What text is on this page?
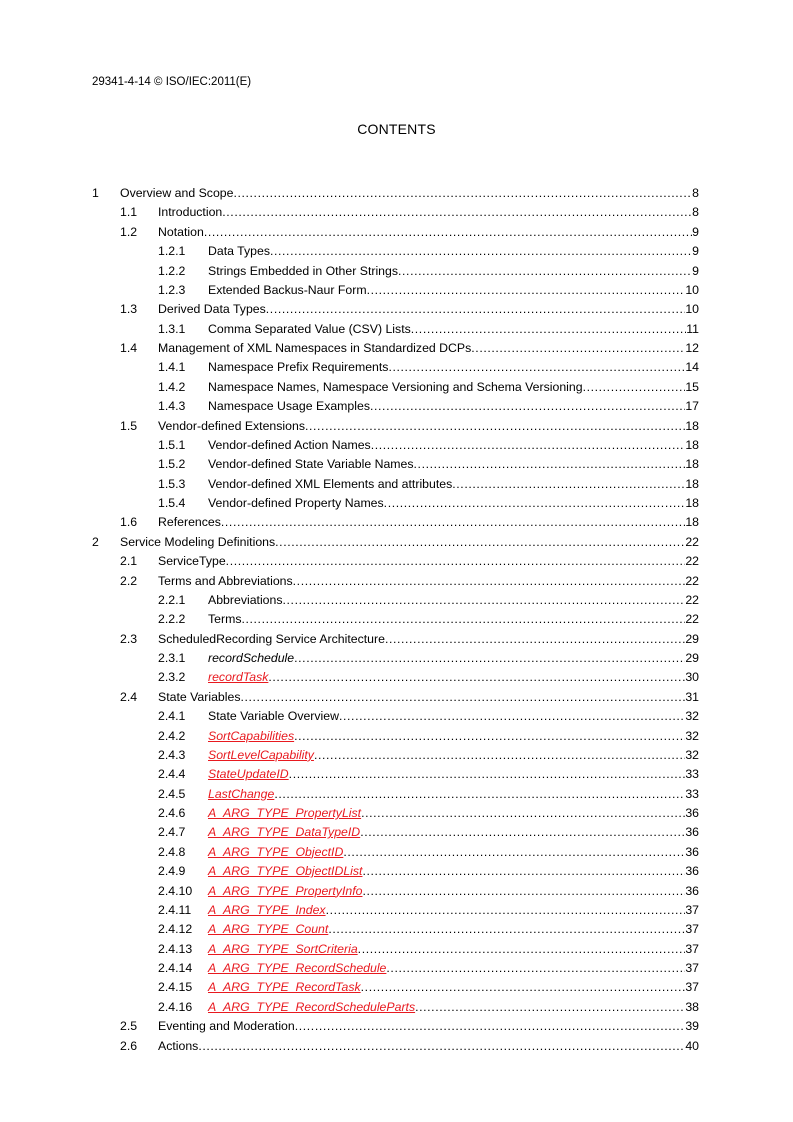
29341-4-14 © ISO/IEC:2011(E)
CONTENTS
1	Overview and Scope .....	8
1.1	Introduction .....	8
1.2	Notation .....	9
1.2.1	Data Types .....	9
1.2.2	Strings Embedded in Other Strings .....	9
1.2.3	Extended Backus-Naur Form .....	10
1.3	Derived Data Types .....	10
1.3.1	Comma Separated Value (CSV) Lists .....	11
1.4	Management of XML Namespaces in Standardized DCPs .....	12
1.4.1	Namespace Prefix Requirements .....	14
1.4.2	Namespace Names, Namespace Versioning and Schema Versioning .....	15
1.4.3	Namespace Usage Examples .....	17
1.5	Vendor-defined Extensions .....	18
1.5.1	Vendor-defined Action Names .....	18
1.5.2	Vendor-defined State Variable Names .....	18
1.5.3	Vendor-defined XML Elements and attributes .....	18
1.5.4	Vendor-defined Property Names .....	18
1.6	References .....	18
2	Service Modeling Definitions .....	22
2.1	ServiceType .....	22
2.2	Terms and Abbreviations .....	22
2.2.1	Abbreviations .....	22
2.2.2	Terms .....	22
2.3	ScheduledRecording Service Architecture .....	29
2.3.1	recordSchedule .....	29
2.3.2	recordTask .....	30
2.4	State Variables .....	31
2.4.1	State Variable Overview .....	32
2.4.2	SortCapabilities .....	32
2.4.3	SortLevelCapability .....	32
2.4.4	StateUpdateID .....	33
2.4.5	LastChange .....	33
2.4.6	A_ARG_TYPE_PropertyList .....	36
2.4.7	A_ARG_TYPE_DataTypeID .....	36
2.4.8	A_ARG_TYPE_ObjectID .....	36
2.4.9	A_ARG_TYPE_ObjectIDList .....	36
2.4.10	A_ARG_TYPE_PropertyInfo .....	36
2.4.11	A_ARG_TYPE_Index .....	37
2.4.12	A_ARG_TYPE_Count .....	37
2.4.13	A_ARG_TYPE_SortCriteria .....	37
2.4.14	A_ARG_TYPE_RecordSchedule .....	37
2.4.15	A_ARG_TYPE_RecordTask .....	37
2.4.16	A_ARG_TYPE_RecordScheduleParts .....	38
2.5	Eventing and Moderation .....	39
2.6	Actions .....	40
